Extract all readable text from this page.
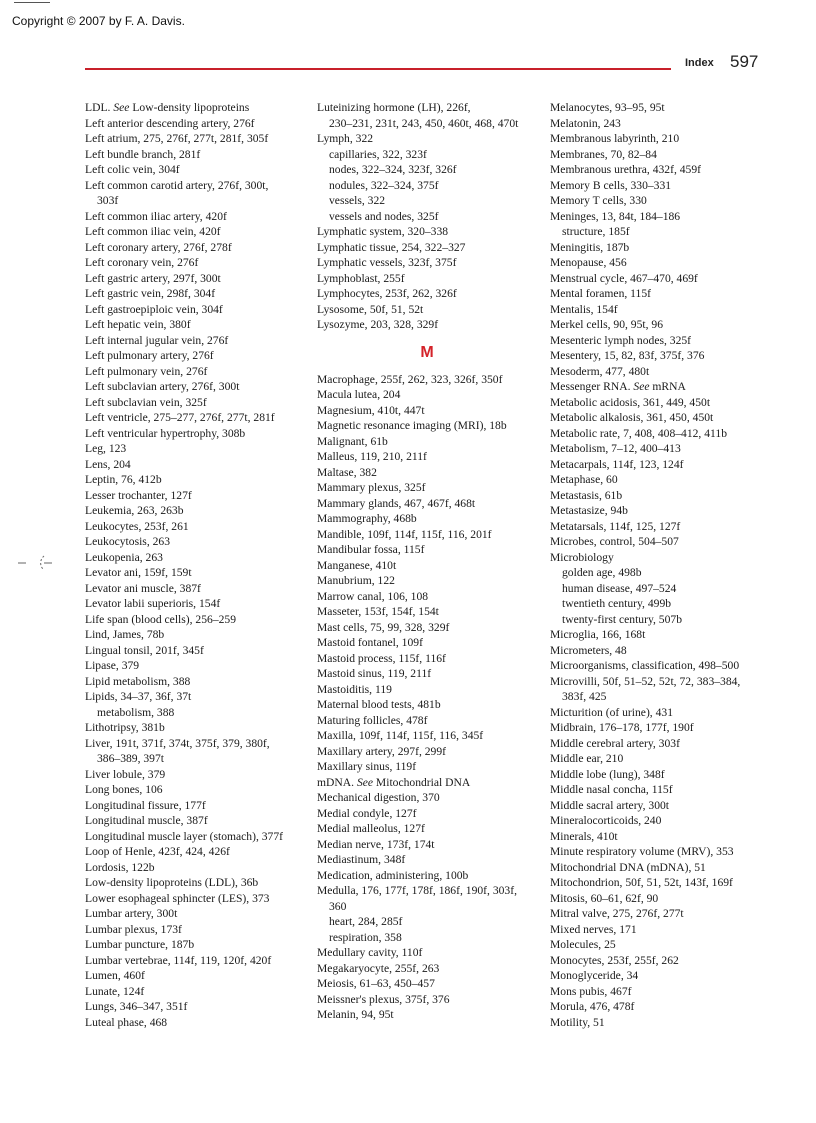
Copyright © 2007 by F. A. Davis.
Index 597
LDL. See Low-density lipoproteins
Left anterior descending artery, 276f
Left atrium, 275, 276f, 277t, 281f, 305f
Left bundle branch, 281f
Left colic vein, 304f
Left common carotid artery, 276f, 300t,
303f
Left common iliac artery, 420f
Left common iliac vein, 420f
Left coronary artery, 276f, 278f
Left coronary vein, 276f
Left gastric artery, 297f, 300t
Left gastric vein, 298f, 304f
Left gastroepiploic vein, 304f
Left hepatic vein, 380f
Left internal jugular vein, 276f
Left pulmonary artery, 276f
Left pulmonary vein, 276f
Left subclavian artery, 276f, 300t
Left subclavian vein, 325f
Left ventricle, 275–277, 276f, 277t, 281f
Left ventricular hypertrophy, 308b
Leg, 123
Lens, 204
Leptin, 76, 412b
Lesser trochanter, 127f
Leukemia, 263, 263b
Leukocytes, 253f, 261
Leukocytosis, 263
Leukopenia, 263
Levator ani, 159f, 159t
Levator ani muscle, 387f
Levator labii superioris, 154f
Life span (blood cells), 256–259
Lind, James, 78b
Lingual tonsil, 201f, 345f
Lipase, 379
Lipid metabolism, 388
Lipids, 34–37, 36f, 37t
metabolism, 388
Lithotripsy, 381b
Liver, 191t, 371f, 374t, 375f, 379, 380f,
386–389, 397t
Liver lobule, 379
Long bones, 106
Longitudinal fissure, 177f
Longitudinal muscle, 387f
Longitudinal muscle layer (stomach), 377f
Loop of Henle, 423f, 424, 426f
Lordosis, 122b
Low-density lipoproteins (LDL), 36b
Lower esophageal sphincter (LES), 373
Lumbar artery, 300t
Lumbar plexus, 173f
Lumbar puncture, 187b
Lumbar vertebrae, 114f, 119, 120f, 420f
Lumen, 460f
Lunate, 124f
Lungs, 346–347, 351f
Luteal phase, 468
Luteinizing hormone (LH), 226f,
230–231, 231t, 243, 450, 460t, 468, 470t
Lymph, 322
capillaries, 322, 323f
nodes, 322–324, 323f, 326f
nodules, 322–324, 375f
vessels, 322
vessels and nodes, 325f
Lymphatic system, 320–338
Lymphatic tissue, 254, 322–327
Lymphatic vessels, 323f, 375f
Lymphoblast, 255f
Lymphocytes, 253f, 262, 326f
Lysosome, 50f, 51, 52t
Lysozyme, 203, 328, 329f
M
Macrophage, 255f, 262, 323, 326f, 350f
Macula lutea, 204
Magnesium, 410t, 447t
Magnetic resonance imaging (MRI), 18b
Malignant, 61b
Malleus, 119, 210, 211f
Maltase, 382
Mammary plexus, 325f
Mammary glands, 467, 467f, 468t
Mammography, 468b
Mandible, 109f, 114f, 115f, 116, 201f
Mandibular fossa, 115f
Manganese, 410t
Manubrium, 122
Marrow canal, 106, 108
Masseter, 153f, 154f, 154t
Mast cells, 75, 99, 328, 329f
Mastoid fontanel, 109f
Mastoid process, 115f, 116f
Mastoid sinus, 119, 211f
Mastoiditis, 119
Maternal blood tests, 481b
Maturing follicles, 478f
Maxilla, 109f, 114f, 115f, 116, 345f
Maxillary artery, 297f, 299f
Maxillary sinus, 119f
mDNA. See Mitochondrial DNA
Mechanical digestion, 370
Medial condyle, 127f
Medial malleolus, 127f
Median nerve, 173f, 174t
Mediastinum, 348f
Medication, administering, 100b
Medulla, 176, 177f, 178f, 186f, 190f, 303f,
360
heart, 284, 285f
respiration, 358
Medullary cavity, 110f
Megakaryocyte, 255f, 263
Meiosis, 61–63, 450–457
Meissner's plexus, 375f, 376
Melanin, 94, 95t
Melanocytes, 93–95, 95t
Melatonin, 243
Membranous labyrinth, 210
Membranes, 70, 82–84
Membranous urethra, 432f, 459f
Memory B cells, 330–331
Memory T cells, 330
Meninges, 13, 84t, 184–186
structure, 185f
Meningitis, 187b
Menopause, 456
Menstrual cycle, 467–470, 469f
Mental foramen, 115f
Mentalis, 154f
Merkel cells, 90, 95t, 96
Mesenteric lymph nodes, 325f
Mesentery, 15, 82, 83f, 375f, 376
Mesoderm, 477, 480t
Messenger RNA. See mRNA
Metabolic acidosis, 361, 449, 450t
Metabolic alkalosis, 361, 450, 450t
Metabolic rate, 7, 408, 408–412, 411b
Metabolism, 7–12, 400–413
Metacarpals, 114f, 123, 124f
Metaphase, 60
Metastasis, 61b
Metastasize, 94b
Metatarsals, 114f, 125, 127f
Microbes, control, 504–507
Microbiology
golden age, 498b
human disease, 497–524
twentieth century, 499b
twenty-first century, 507b
Microglia, 166, 168t
Micrometers, 48
Microorganisms, classification, 498–500
Microvilli, 50f, 51–52, 52t, 72, 383–384,
383f, 425
Micturition (of urine), 431
Midbrain, 176–178, 177f, 190f
Middle cerebral artery, 303f
Middle ear, 210
Middle lobe (lung), 348f
Middle nasal concha, 115f
Middle sacral artery, 300t
Mineralocorticoids, 240
Minerals, 410t
Minute respiratory volume (MRV), 353
Mitochondrial DNA (mDNA), 51
Mitochondrion, 50f, 51, 52t, 143f, 169f
Mitosis, 60–61, 62f, 90
Mitral valve, 275, 276f, 277t
Mixed nerves, 171
Molecules, 25
Monocytes, 253f, 255f, 262
Monoglyceride, 34
Mons pubis, 467f
Morula, 476, 478f
Motility, 51
